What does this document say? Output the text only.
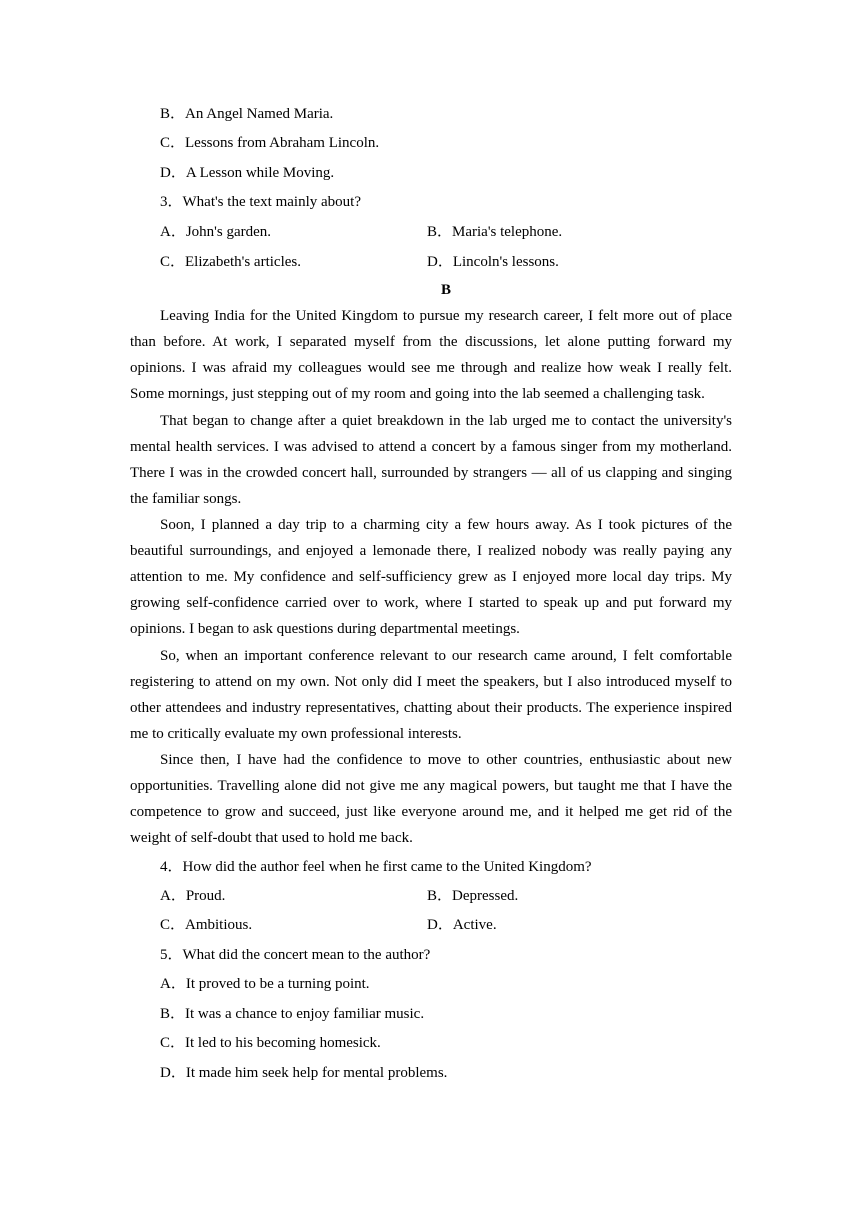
B．An Angel Named Maria.
C．Lessons from Abraham Lincoln.
D．A Lesson while Moving.
3．What's the text mainly about?
A．John's garden.	B．Maria's telephone.
C．Elizabeth's articles.	D．Lincoln's lessons.
B

Leaving India for the United Kingdom to pursue my research career, I felt more out of place than before. At work, I separated myself from the discussions, let alone putting forward my opinions. I was afraid my colleagues would see me through and realize how weak I really felt. Some mornings, just stepping out of my room and going into the lab seemed a challenging task.

That began to change after a quiet breakdown in the lab urged me to contact the university's mental health services. I was advised to attend a concert by a famous singer from my motherland. There I was in the crowded concert hall, surrounded by strangers — all of us clapping and singing the familiar songs.

Soon, I planned a day trip to a charming city a few hours away. As I took pictures of the beautiful surroundings, and enjoyed a lemonade there, I realized nobody was really paying any attention to me. My confidence and self-sufficiency grew as I enjoyed more local day trips. My growing self-confidence carried over to work, where I started to speak up and put forward my opinions. I began to ask questions during departmental meetings.

So, when an important conference relevant to our research came around, I felt comfortable registering to attend on my own. Not only did I meet the speakers, but I also introduced myself to other attendees and industry representatives, chatting about their products. The experience inspired me to critically evaluate my own professional interests.

Since then, I have had the confidence to move to other countries, enthusiastic about new opportunities. Travelling alone did not give me any magical powers, but taught me that I have the competence to grow and succeed, just like everyone around me, and it helped me get rid of the weight of self-doubt that used to hold me back.

4．How did the author feel when he first came to the United Kingdom?
A．Proud.	B．Depressed.
C．Ambitious.	D．Active.
5．What did the concert mean to the author?
A．It proved to be a turning point.
B．It was a chance to enjoy familiar music.
C．It led to his becoming homesick.
D．It made him seek help for mental problems.
